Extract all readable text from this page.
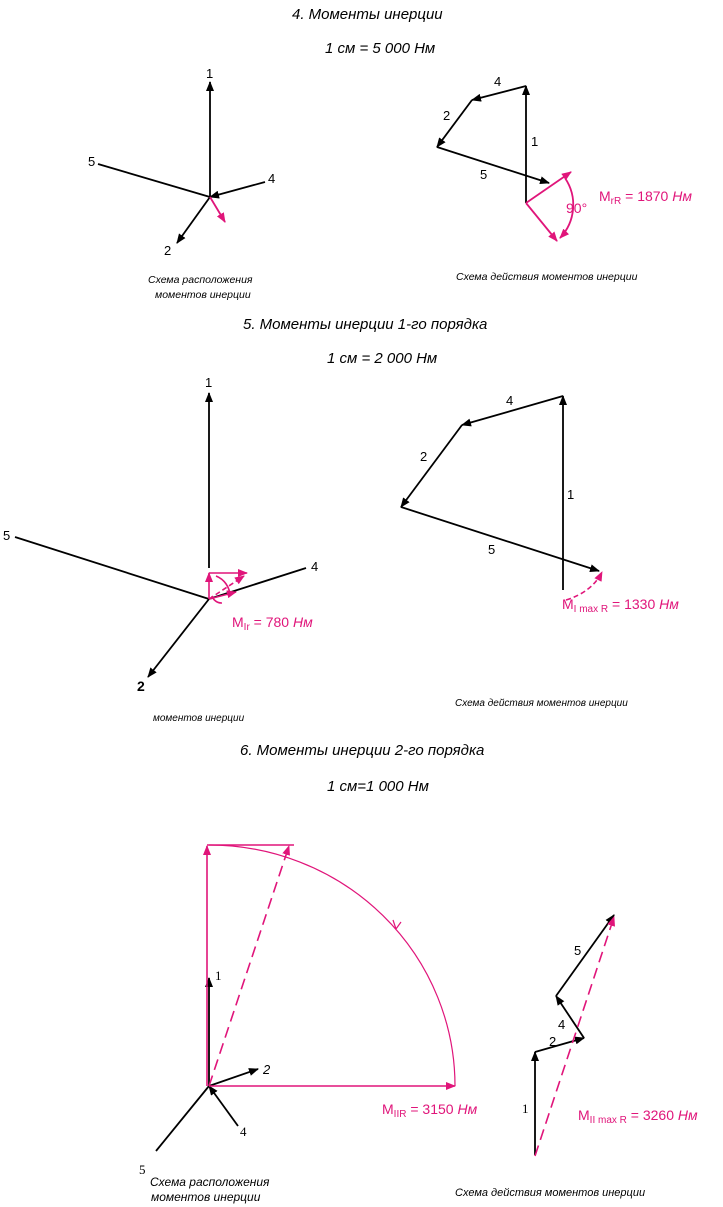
4. Моменты инерции
1 см = 5 000 Нм
5. Моменты инерции 1-го порядка
1 см = 2 000 Нм
6. Моменты инерции 2-го порядка
1 см=1 000 Нм
Схема расположения
моментов инерции
Схема действия моментов инерции
моментов инерции
Схема действия моментов инерции
Схема расположения
моментов инерции	Схема действия моментов инерции
$M_{rR} = 1870$ Нм
$M_{Ir} = 780$ Нм
$M_{I max R} = 1330$ Нм
$M_{IIR} = 3150$ Нм	$M_{II max R} = 3260$ Нм
1
5
4
2
4
2
1
5
90°
1
5
4
2
4
2
1
5
1
2
4
5
1
2
4
5
